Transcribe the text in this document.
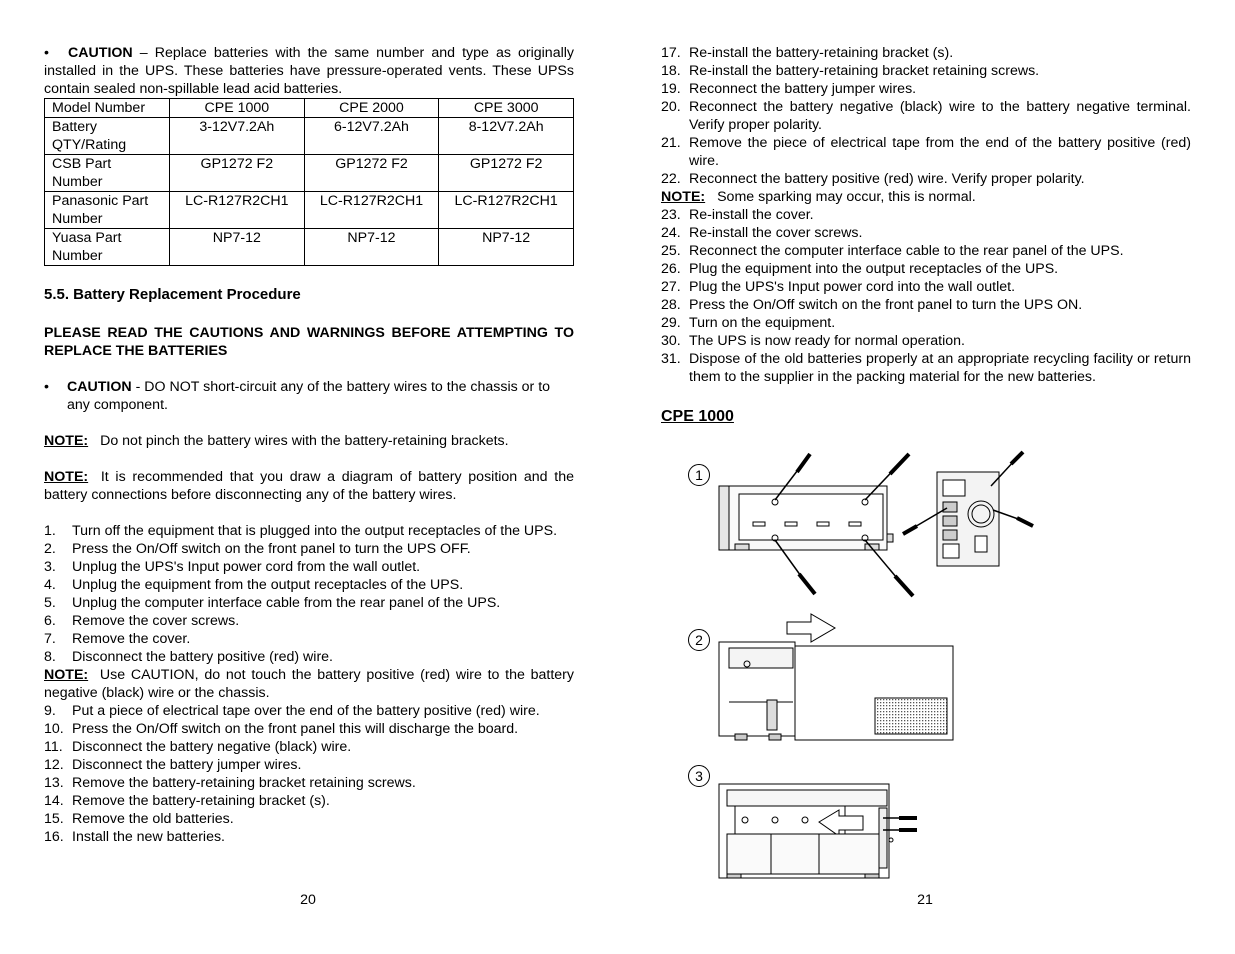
• CAUTION – Replace batteries with the same number and type as originally installed in the UPS. These batteries have pressure-operated vents. These UPSs contain sealed non-spillable lead acid batteries.
Model Number	CPE 1000	CPE 2000	CPE 3000
Battery QTY/Rating	3-12V7.2Ah	6-12V7.2Ah	8-12V7.2Ah
CSB Part Number	GP1272 F2	GP1272 F2	GP1272 F2
Panasonic Part Number	LC-R127R2CH1	LC-R127R2CH1	LC-R127R2CH1
Yuasa Part Number	NP7-12	NP7-12	NP7-12
5.5. Battery Replacement Procedure
PLEASE READ THE CAUTIONS AND WARNINGS BEFORE ATTEMPTING TO REPLACE THE BATTERIES
•	CAUTION - DO NOT short-circuit any of the battery wires to the chassis or to any component.
NOTE: Do not pinch the battery wires with the battery-retaining brackets.
NOTE: It is recommended that you draw a diagram of battery position and the battery connections before disconnecting any of the battery wires.
1.	Turn off the equipment that is plugged into the output receptacles of the UPS.
2.	Press the On/Off switch on the front panel to turn the UPS OFF.
3.	Unplug the UPS's Input power cord from the wall outlet.
4.	Unplug the equipment from the output receptacles of the UPS.
5.	Unplug the computer interface cable from the rear panel of the UPS.
6.	Remove the cover screws.
7.	Remove the cover.
8.	Disconnect the battery positive (red) wire.
NOTE: Use CAUTION, do not touch the battery positive (red) wire to the battery negative (black) wire or the chassis.
9.	Put a piece of electrical tape over the end of the battery positive (red) wire.
10. Press the On/Off switch on the front panel this will discharge the board.
11. Disconnect the battery negative (black) wire.
12. Disconnect the battery jumper wires.
13. Remove the battery-retaining bracket retaining screws.
14. Remove the battery-retaining bracket (s).
15. Remove the old batteries.
16. Install the new batteries.
20
17. Re-install the battery-retaining bracket (s).
18. Re-install the battery-retaining bracket retaining screws.
19. Reconnect the battery jumper wires.
20. Reconnect the battery negative (black) wire to the battery negative terminal. Verify proper polarity.
21. Remove the piece of electrical tape from the end of the battery positive (red) wire.
22. Reconnect the battery positive (red) wire. Verify proper polarity.
NOTE: Some sparking may occur, this is normal.
23. Re-install the cover.
24. Re-install the cover screws.
25. Reconnect the computer interface cable to the rear panel of the UPS.
26. Plug the equipment into the output receptacles of the UPS.
27. Plug the UPS's Input power cord into the wall outlet.
28. Press the On/Off switch on the front panel to turn the UPS ON.
29. Turn on the equipment.
30. The UPS is now ready for normal operation.
31. Dispose of the old batteries properly at an appropriate recycling facility or return them to the supplier in the packing material for the new batteries.
CPE 1000
1
2
3
21
